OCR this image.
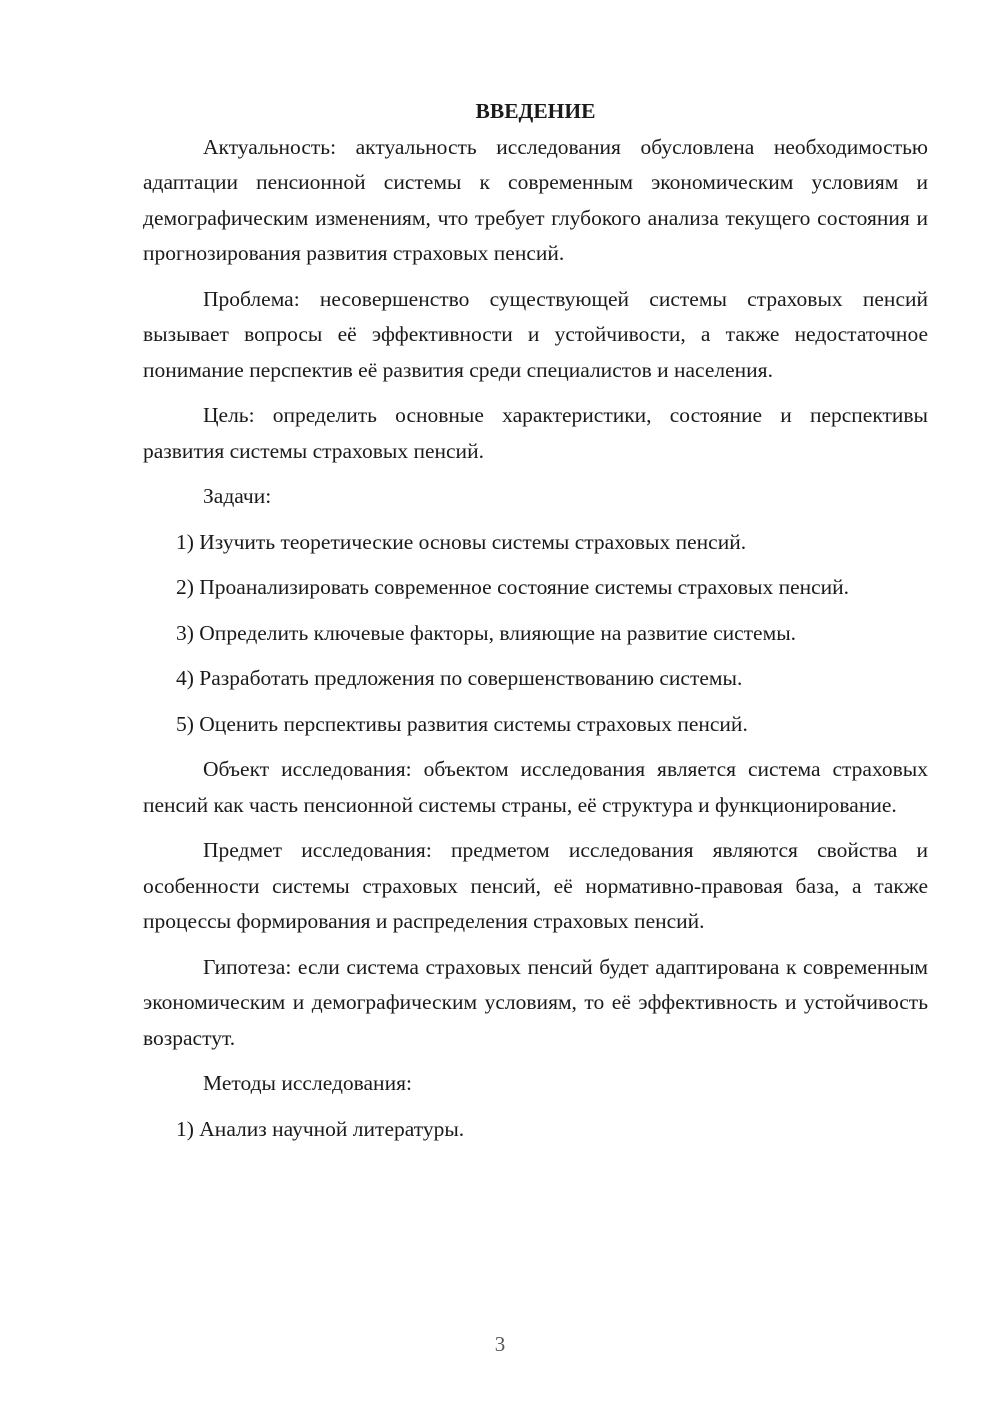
ВВЕДЕНИЕ

Актуальность: актуальность исследования обусловлена необходимостью адаптации пенсионной системы к современным экономическим условиям и демографическим изменениям, что требует глубокого анализа текущего состояния и прогнозирования развития страховых пенсий.

Проблема: несовершенство существующей системы страховых пенсий вызывает вопросы её эффективности и устойчивости, а также недостаточное понимание перспектив её развития среди специалистов и населения.

Цель: определить основные характеристики, состояние и перспективы развития системы страховых пенсий.

Задачи:

1) Изучить теоретические основы системы страховых пенсий.

2) Проанализировать современное состояние системы страховых пенсий.

3) Определить ключевые факторы, влияющие на развитие системы.

4) Разработать предложения по совершенствованию системы.

5) Оценить перспективы развития системы страховых пенсий.

Объект исследования: объектом исследования является система страховых пенсий как часть пенсионной системы страны, её структура и функционирование.

Предмет исследования: предметом исследования являются свойства и особенности системы страховых пенсий, её нормативно-правовая база, а также процессы формирования и распределения страховых пенсий.

Гипотеза: если система страховых пенсий будет адаптирована к современным экономическим и демографическим условиям, то её эффективность и устойчивость возрастут.

Методы исследования:

1) Анализ научной литературы.

3
